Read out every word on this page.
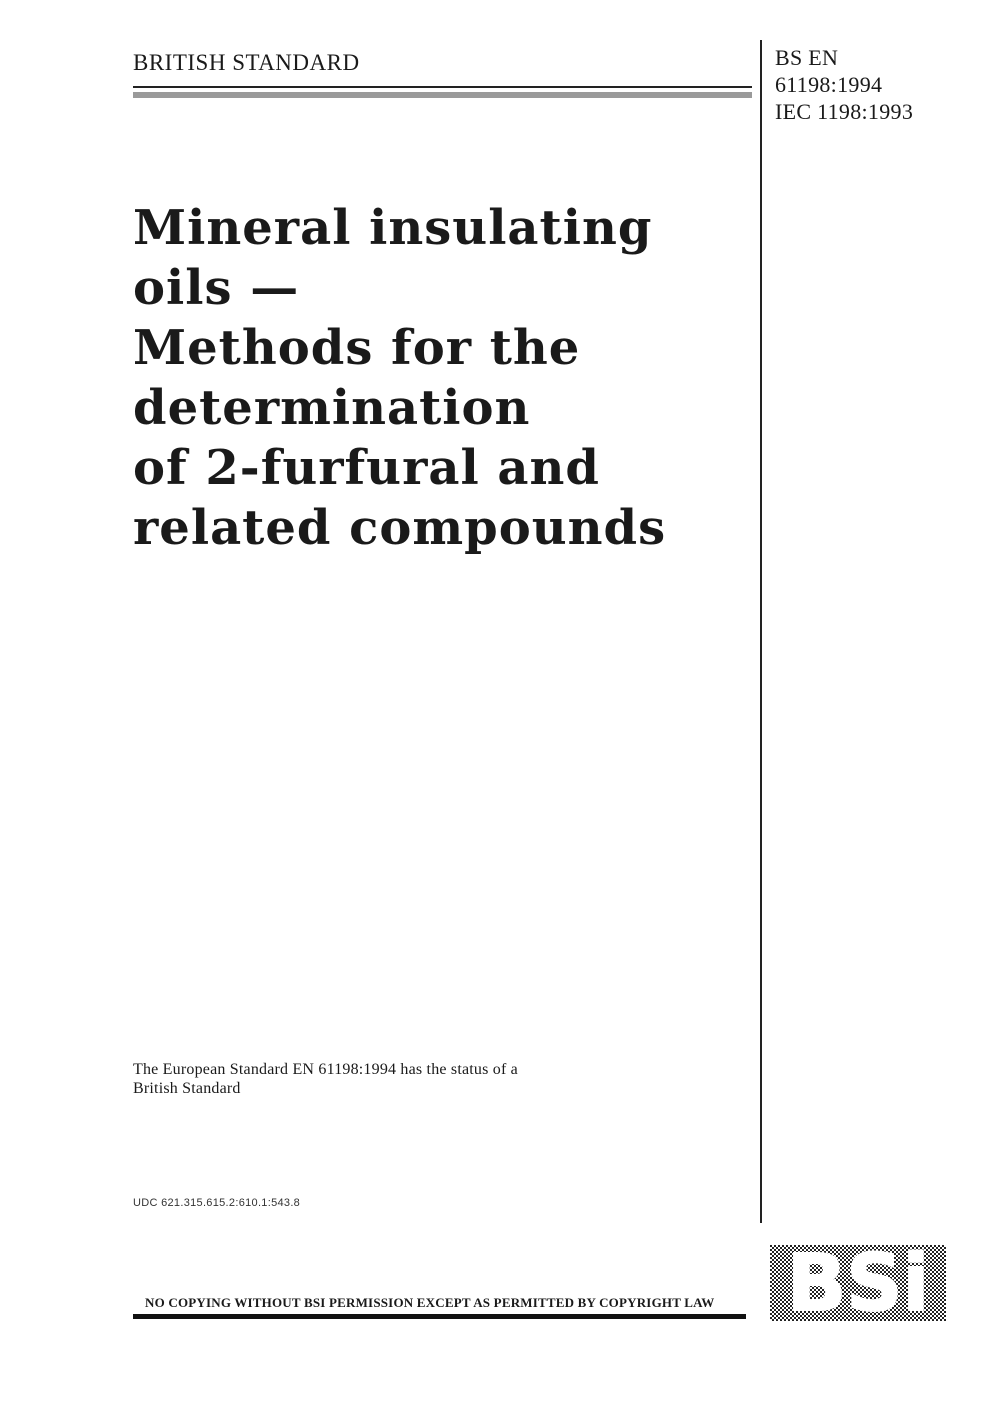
BRITISH STANDARD	BS EN
61198:1994
IEC 1198:1993
Mineral insulating
oils —
Methods for the
determination
of 2-furfural and
related compounds
The European Standard EN 61198:1994 has the status of a
British Standard
UDC 621.315.615.2:610.1:543.8
NO COPYING WITHOUT BSI PERMISSION EXCEPT AS PERMITTED BY COPYRIGHT LAW BSi
